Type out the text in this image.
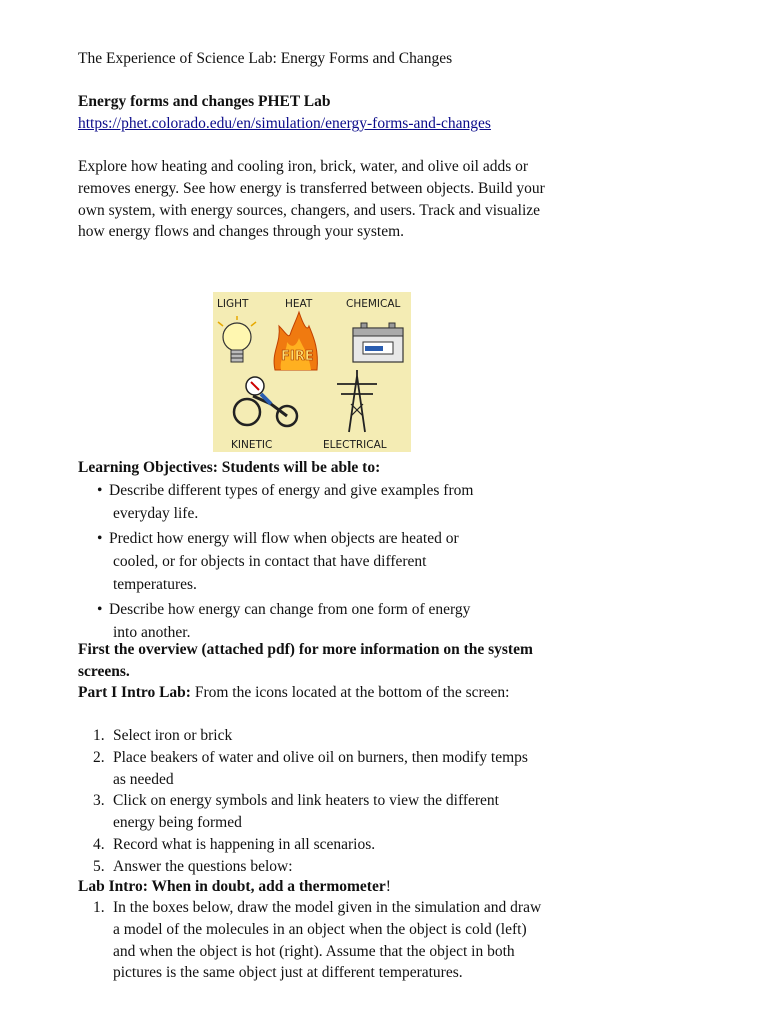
The Experience of Science Lab: Energy Forms and Changes
Energy forms and changes PHET Lab
https://phet.colorado.edu/en/simulation/energy-forms-and-changes
Explore how heating and cooling iron, brick, water, and olive oil adds or removes energy. See how energy is transferred between objects. Build your own system, with energy sources, changers, and users. Track and visualize how energy flows and changes through your system.
LIGHT	HEAT	CHEMICAL
KINETIC	ELECTRICAL
FIRE
Learning Objectives: Students will be able to:
• Describe different types of energy and give examples from
everyday life.
• Predict how energy will flow when objects are heated or
cooled, or for objects in contact that have different temperatures.
• Describe how energy can change from one form of energy
into another.
First the overview (attached pdf) for more information on the system screens.
Part I Intro Lab: From the icons located at the bottom of the screen:
1. Select iron or brick
2. Place beakers of water and olive oil on burners, then modify temps as needed
3. Click on energy symbols and link heaters to view the different energy being formed
4. Record what is happening in all scenarios.
5. Answer the questions below:
Lab Intro: When in doubt, add a thermometer!
1. In the boxes below, draw the model given in the simulation and draw a model of the molecules in an object when the object is cold (left) and when the object is hot (right). Assume that the object in both pictures is the same object just at different temperatures.
